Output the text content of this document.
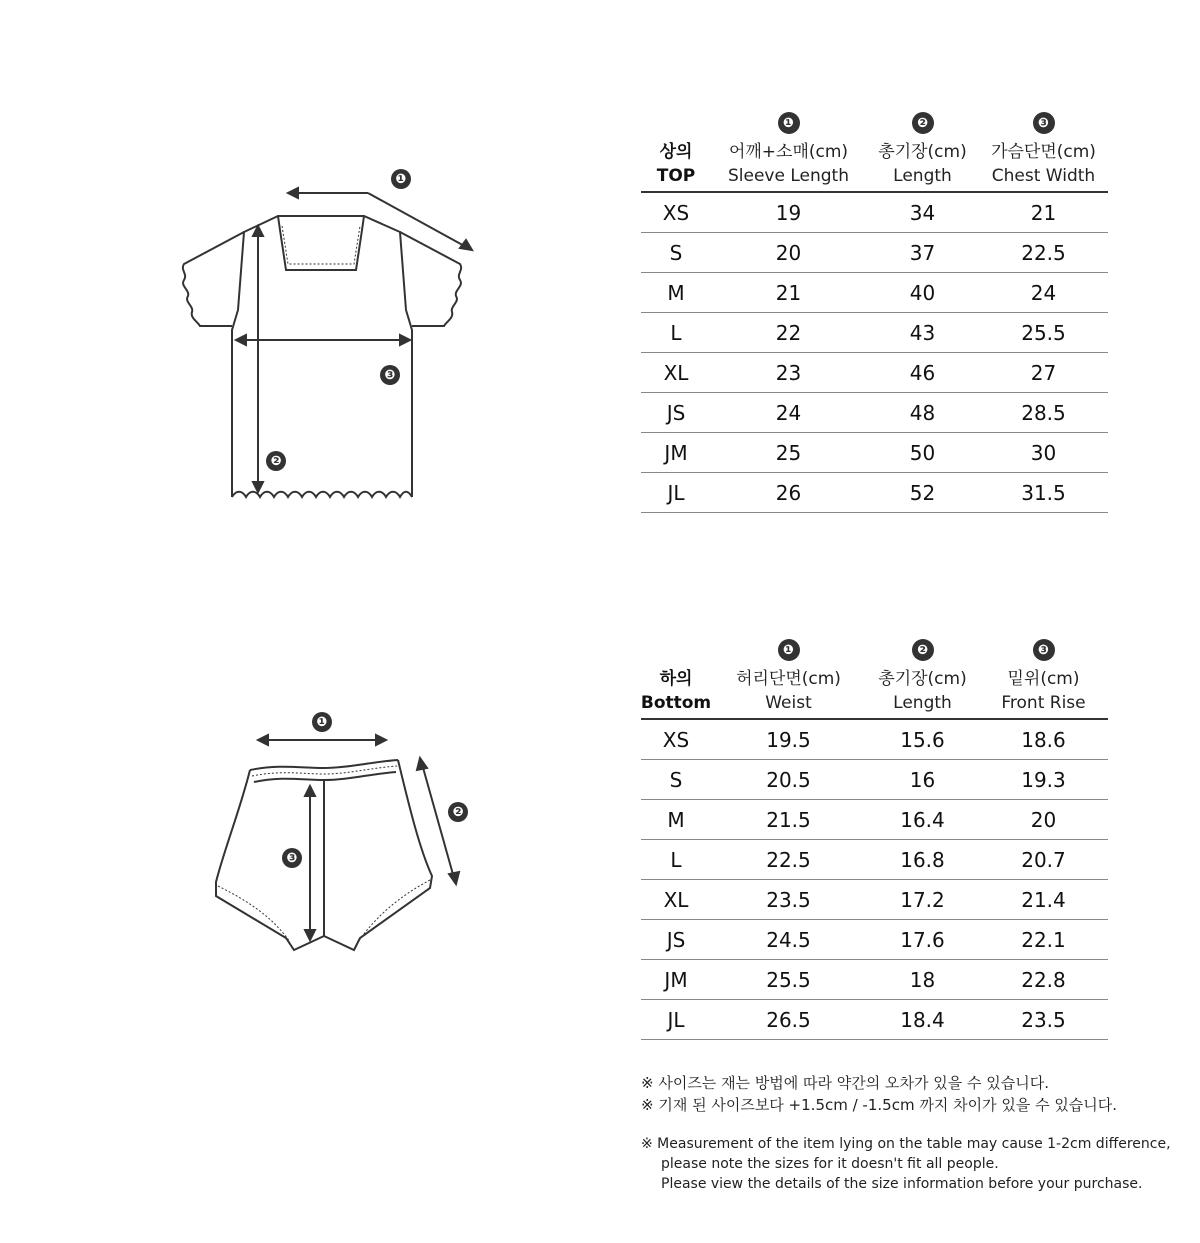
❶
❸
❷
❶	❷	❸
상의
TOP
어깨+소매(cm)
Sleeve Length
총기장(cm)
Length
가슴단면(cm)
Chest Width
XS	19	34	21
S	20	37	22.5
M	21	40	24
L	22	43	25.5
XL	23	46	27
JS	24	48	28.5
JM	25	50	30
JL	26	52	31.5
❶
❷
❸
❶	❷	❸
하의
Bottom
허리단면(cm)
Weist
총기장(cm)
Length
밑위(cm)
Front Rise
XS	19.5	15.6	18.6
S	20.5	16	19.3
M	21.5	16.4	20
L	22.5	16.8	20.7
XL	23.5	17.2	21.4
JS	24.5	17.6	22.1
JM	25.5	18	22.8
JL	26.5	18.4	23.5

※ 사이즈는 재는 방법에 따라 약간의 오차가 있을 수 있습니다.

※ 기재 된 사이즈보다 +1.5cm / -1.5cm 까지 차이가 있을 수 있습니다.

※ Measurement of the item lying on the table may cause 1-2cm difference,

please note the sizes for it doesn't fit all people.

Please view the details of the size information before your purchase.
